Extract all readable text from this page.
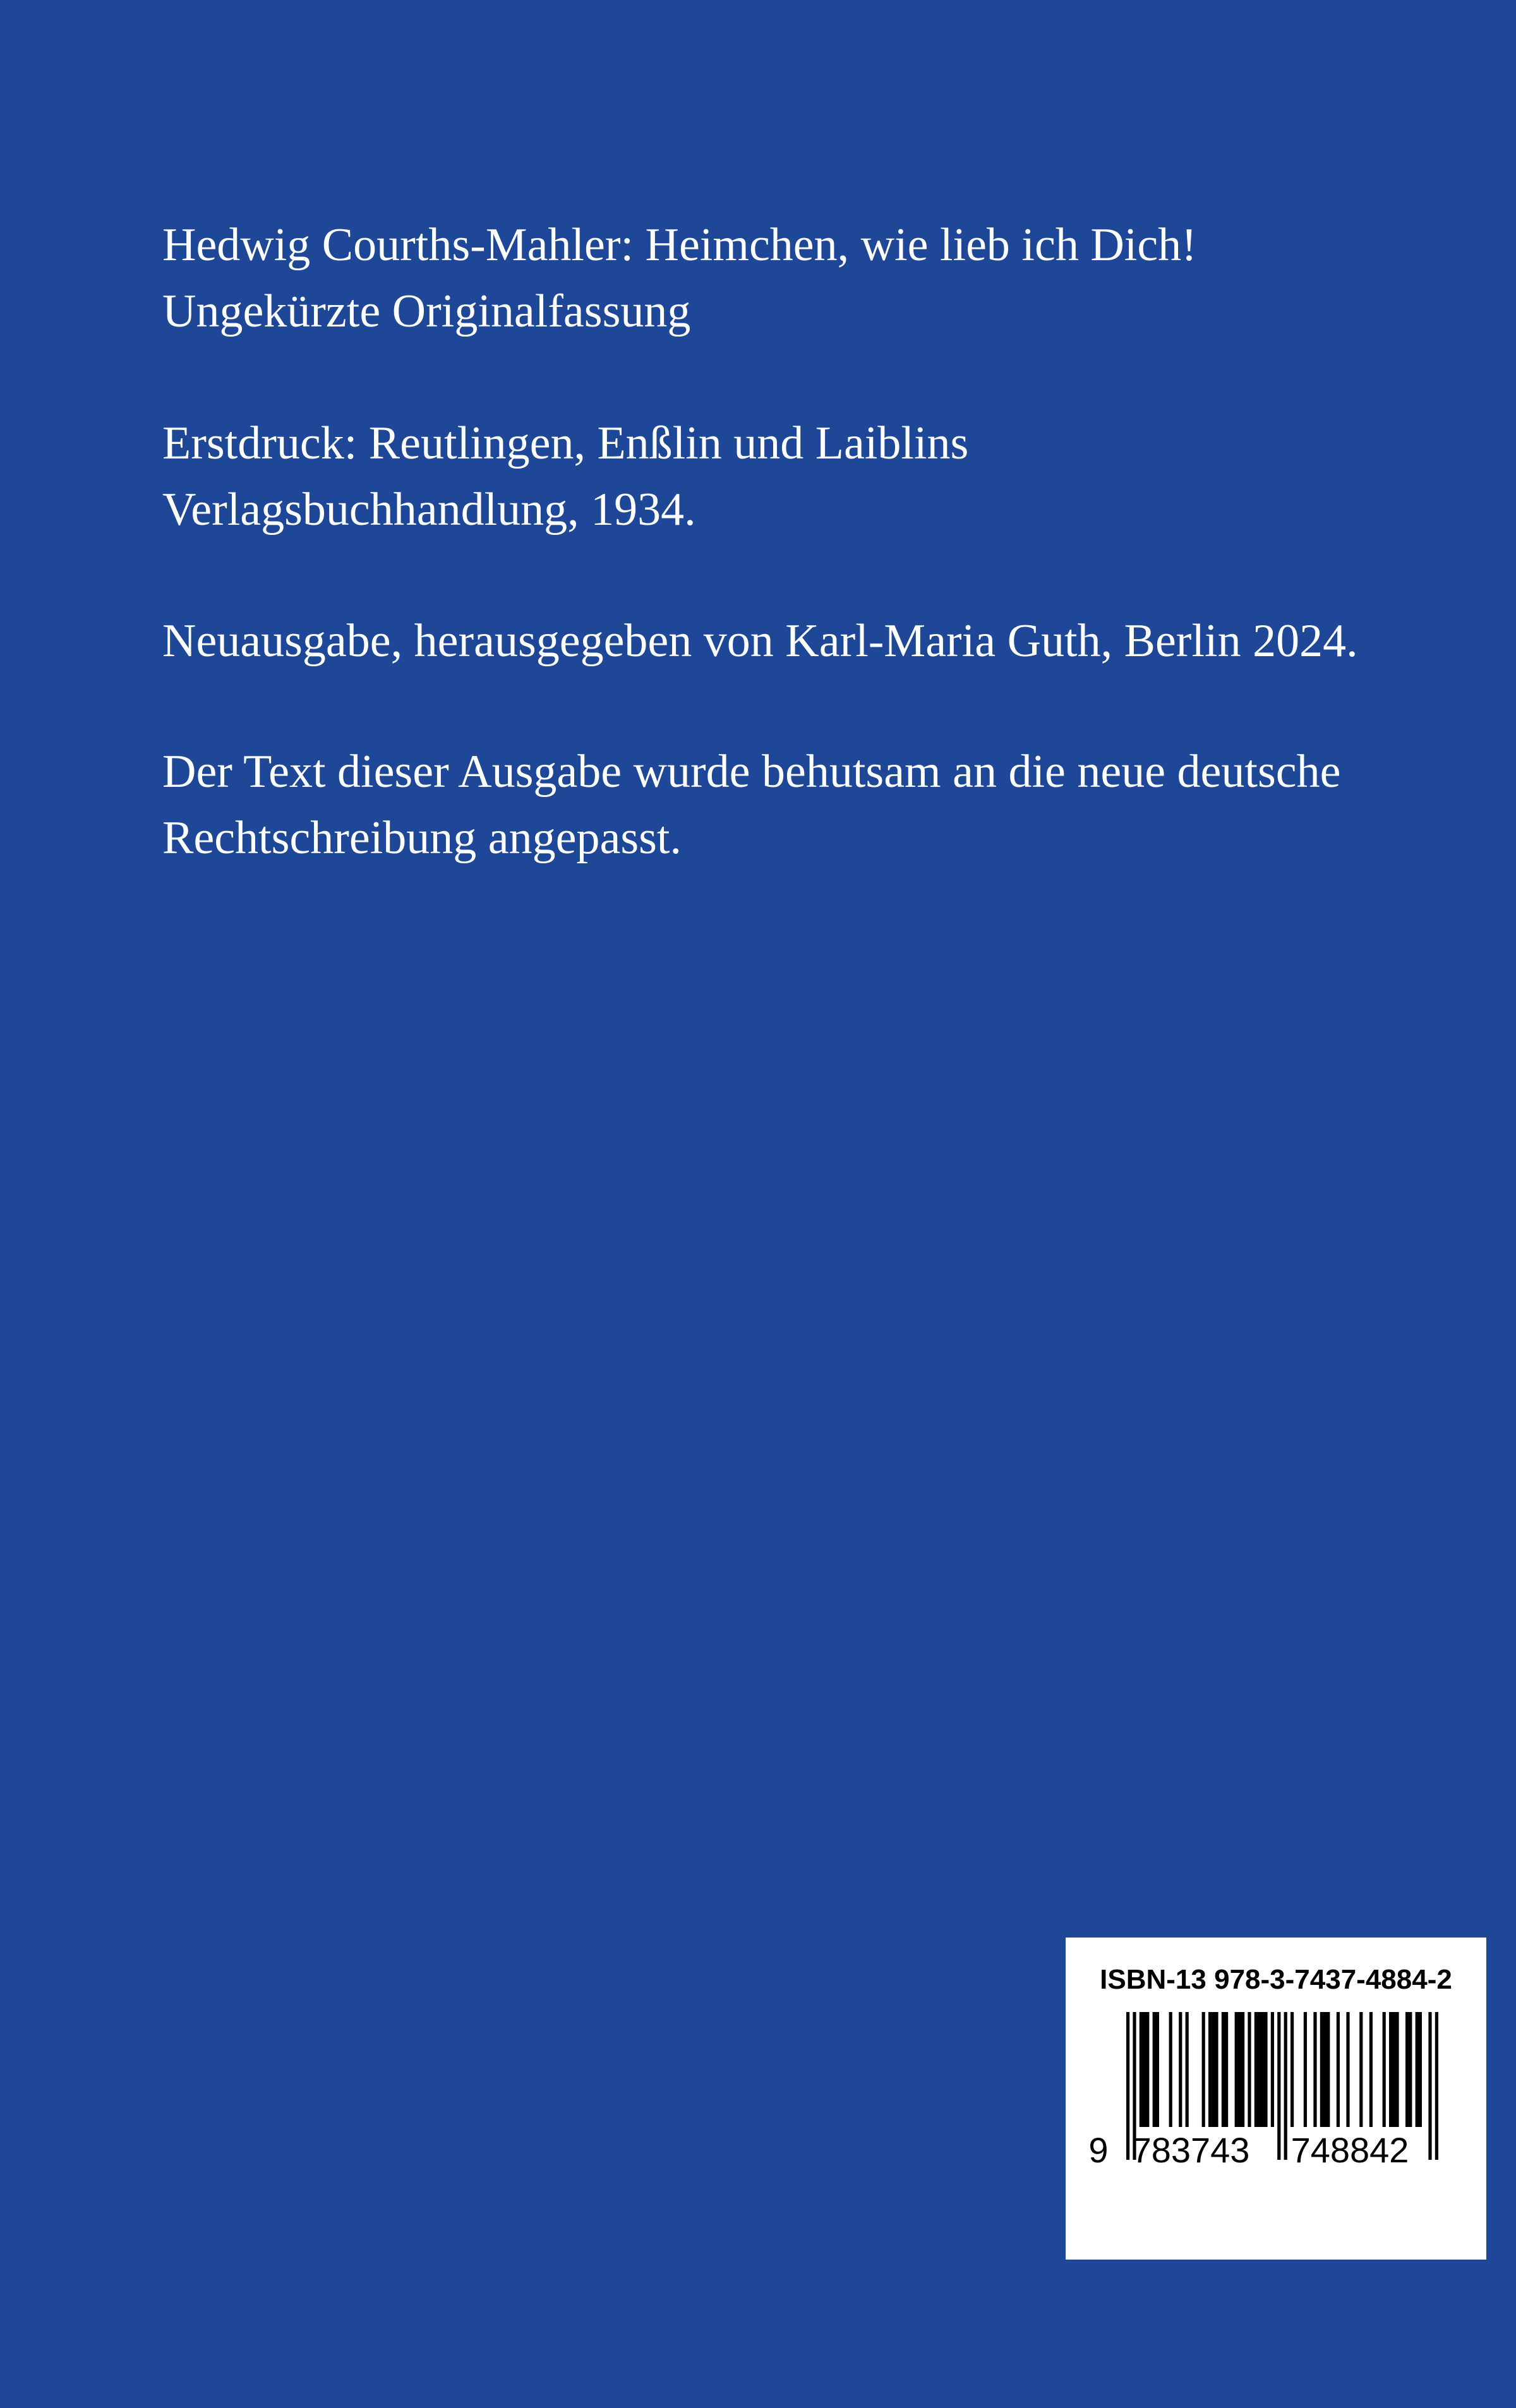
Hedwig Courths-Mahler: Heimchen, wie lieb ich Dich!
Ungekürzte Originalfassung
Erstdruck: Reutlingen, Enßlin und Laiblins
Verlagsbuchhandlung, 1934.
Neuausgabe, herausgegeben von Karl-Maria Guth, Berlin 2024.
Der Text dieser Ausgabe wurde behutsam an die neue deutsche
Rechtschreibung angepasst.
ISBN-13 978-3-7437-4884-2
9 783743 748842
